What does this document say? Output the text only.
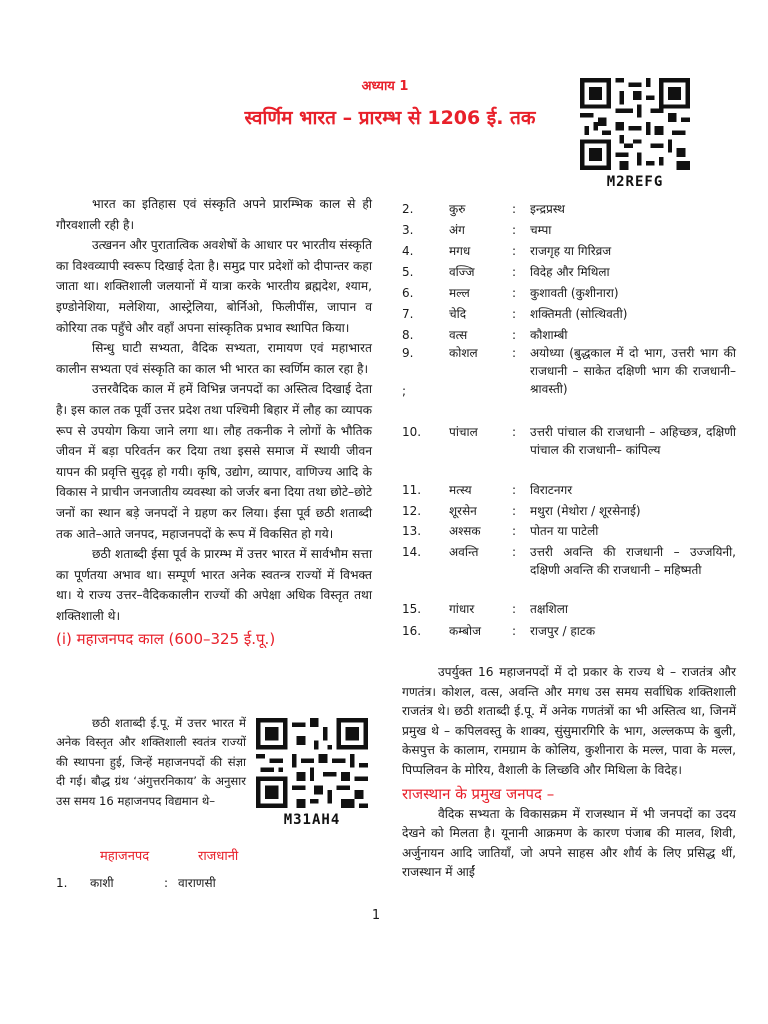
अध्याय 1
स्वर्णिम भारत – प्रारम्भ से 1206 ई. तक
M2REFG

भारत का इतिहास एवं संस्कृति अपने प्रारम्भिक काल से ही गौरवशाली रही है।

उत्खनन और पुरातात्विक अवशेषों के आधार पर भारतीय संस्कृति का विश्वव्यापी स्वरूप दिखाई देता है। समुद्र पार प्रदेशों को दीपान्तर कहा जाता था। शक्तिशाली जलयानों में यात्रा करके भारतीय ब्रह्मदेश, श्याम, इण्डोनेशिया, मलेशिया, आस्ट्रेलिया, बोर्निओ, फिलीपींस, जापान व कोरिया तक पहुँचे और वहाँ अपना सांस्कृतिक प्रभाव स्थापित किया।

सिन्धु घाटी सभ्यता, वैदिक सभ्यता, रामायण एवं महाभारत कालीन सभ्यता एवं संस्कृति का काल भी भारत का स्वर्णिम काल रहा है।

उत्तरवैदिक काल में हमें विभिन्न जनपदों का अस्तित्व दिखाई देता है। इस काल तक पूर्वी उत्तर प्रदेश तथा पश्चिमी बिहार में लौह का व्यापक रूप से उपयोग किया जाने लगा था। लौह तकनीक ने लोगों के भौतिक जीवन में बड़ा परिवर्तन कर दिया तथा इससे समाज में स्थायी जीवन यापन की प्रवृत्ति सुदृढ़ हो गयी। कृषि, उद्योग, व्यापार, वाणिज्य आदि के विकास ने प्राचीन जनजातीय व्यवस्था को जर्जर बना दिया तथा छोटे–छोटे जनों का स्थान बड़े जनपदों ने ग्रहण कर लिया। ईसा पूर्व छठी शताब्दी तक आते–आते जनपद, महाजनपदों के रूप में विकसित हो गये।

छठी शताब्दी ईसा पूर्व के प्रारम्भ में उत्तर भारत में सार्वभौम सत्ता का पूर्णतया अभाव था। सम्पूर्ण भारत अनेक स्वतन्त्र राज्यों में विभक्त था। ये राज्य उत्तर–वैदिककालीन राज्यों की अपेक्षा अधिक विस्तृत तथा शक्तिशाली थे।

(i) महाजनपद काल (600–325 ई.पू.)

छठी शताब्दी ई.पू. में उत्तर भारत में अनेक विस्तृत और शक्तिशाली स्वतंत्र राज्यों की स्थापना हुई, जिन्हें महाजनपदों की संज्ञा दी गई। बौद्ध ग्रंथ ‘अंगुत्तरनिकाय’ के अनुसार उस समय 16 महाजनपद विद्यमान थे–

M31AH4
महाजनपद	राजधानी
1.	काशी	: वाराणसी
2.	कुरु	:	इन्द्रप्रस्थ
3.	अंग	:	चम्पा
4.	मगध	:	राजगृह या गिरिव्रज
5.	वज्जि	:	विदेह और मिथिला
6.	मल्ल	:	कुशावती (कुशीनारा)
7.	चेदि	:	शक्तिमती (सोत्थिवती)
8.	वत्स	:	कौशाम्बी
9.	कोशल	:	अयोध्या (बुद्धकाल में दो भाग, उत्तरी भाग की राजधानी – साकेत दक्षिणी भाग की राजधानी– श्रावस्ती)
;
10.	पांचाल	:	उत्तरी पांचाल की राजधानी – अहिच्छत्र, दक्षिणी पांचाल की राजधानी– कांपिल्य
11.	मत्स्य	:	विराटनगर
12.	शूरसेन	:	मथुरा (मेथोरा / शूरसेनाई)
13.	अश्सक	:	पोतन या पाटेली
14.	अवन्ति	:	उत्तरी अवन्ति की राजधानी – उज्जयिनी, दक्षिणी अवन्ति की राजधानी – महिष्मती
15.	गांधार	:	तक्षशिला
16.	कम्बोज	:	राजपुर / हाटक

उपर्युक्त 16 महाजनपदों में दो प्रकार के राज्य थे – राजतंत्र और गणतंत्र। कोशल, वत्स, अवन्ति और मगध उस समय सर्वाधिक शक्तिशाली राजतंत्र थे। छठी शताब्दी ई.पू. में अनेक गणतंत्रों का भी अस्तित्व था, जिनमें प्रमुख थे – कपिलवस्तु के शाक्य, सुंसुमारगिरि के भाग, अल्लकप्प के बुली, केसपुत्त के कालाम, रामग्राम के कोलिय, कुशीनारा के मल्ल, पावा के मल्ल, पिप्पलिवन के मोरिय, वैशाली के लिच्छवि और मिथिला के विदेह।

राजस्थान के प्रमुख जनपद –

वैदिक सभ्यता के विकासक्रम में राजस्थान में भी जनपदों का उदय देखने को मिलता है। यूनानी आक्रमण के कारण पंजाब की मालव, शिवी, अर्जुनायन आदि जातियाँ, जो अपने साहस और शौर्य के लिए प्रसिद्ध थीं, राजस्थान में आईं

1
